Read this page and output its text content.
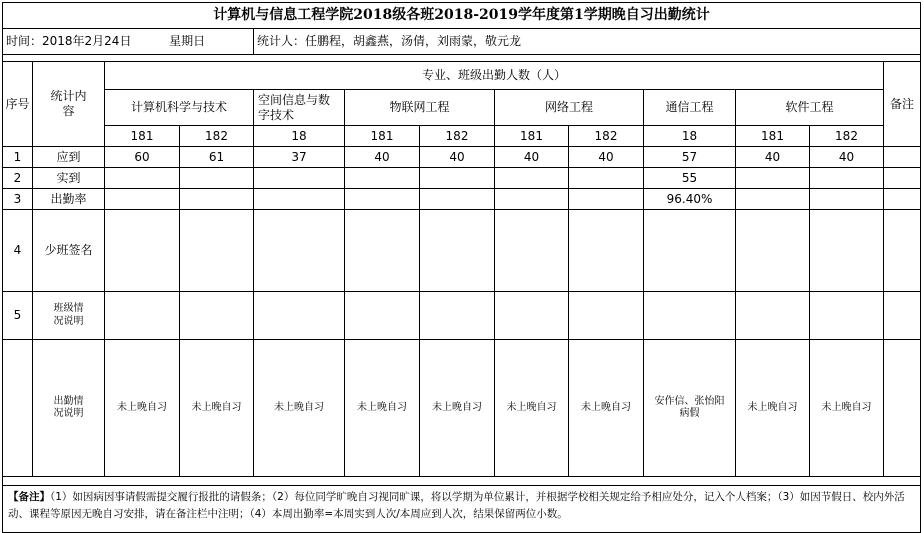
计算机与信息工程学院2018级各班2018-2019学年度第1学期晚自习出勤统计												
时间：2018年2月24日 星期日				统计人：任鹏程，胡鑫燕，汤倩，刘雨蒙，敬元龙								

序号	统计内容	专业、班级出勤人数（人）										备注
		计算机科学与技术		空间信息与数字技术	物联网工程		网络工程		通信工程	软件工程		
		181	182	18	181	182	181	182	18	181	182	
1	应到	60	61	37	40	40	40	40	57	40	40	
2	实到								55			
3	出勤率								96.40%			
4	少班签名											
5	班级情况说明											
	出勤情况说明	未上晚自习	未上晚自习	未上晚自习	未上晚自习	未上晚自习	未上晚自习	未上晚自习	安作信、张怡阳病假	未上晚自习	未上晚自习	

【备注】（1）如因病因事请假需提交履行报批的请假条；（2）每位同学旷晚自习视同旷课，将以学期为单位累计，并根据学校相关规定给予相应处分，记入个人档案；（3）如因节假日、校内外活动、课程等原因无晚自习安排，请在备注栏中注明；（4）本周出勤率=本周实到人次/本周应到人次，结果保留两位小数。												
